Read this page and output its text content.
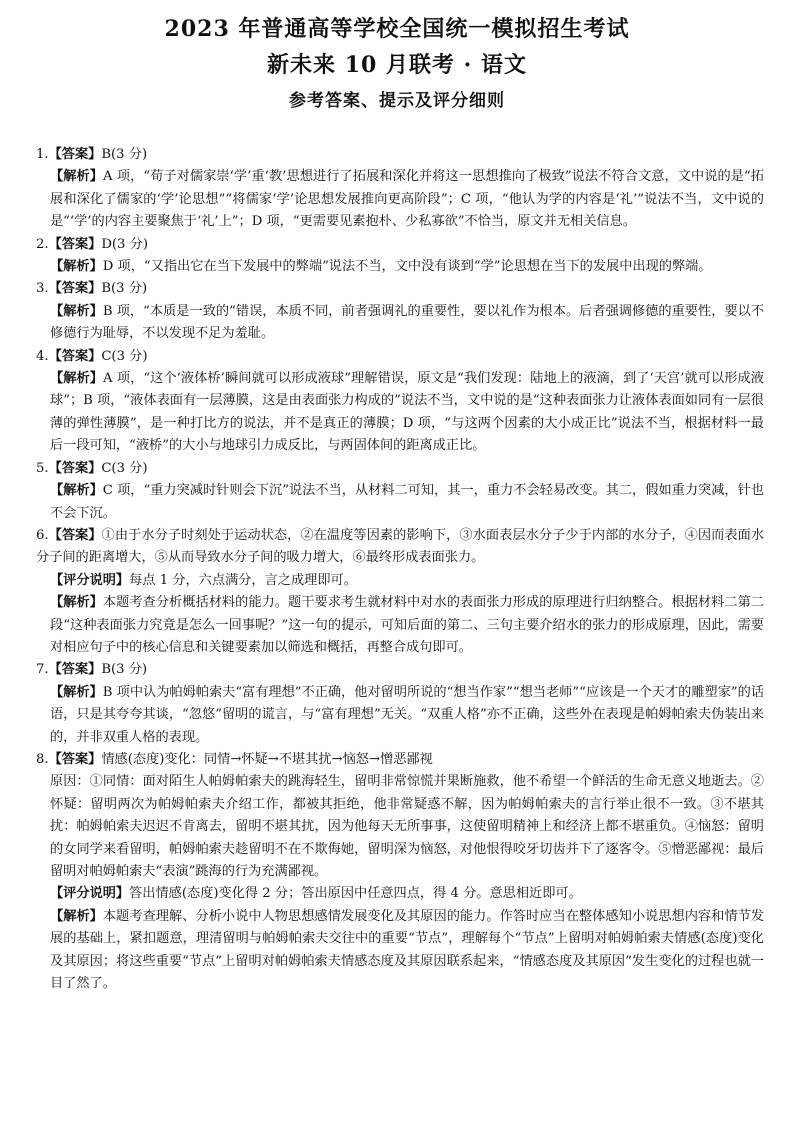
2023 年普通高等学校全国统一模拟招生考试
新未来 10 月联考 · 语文
参考答案、提示及评分细则

1.【答案】B(3 分)

【解析】A 项，“荀子对儒家崇‘学’重‘教’思想进行了拓展和深化并将这一思想推向了极致”说法不符合文意，文中说的是“拓展和深化了儒家的‘学’论思想”“将儒家‘学’论思想发展推向更高阶段”；C 项，“他认为学的内容是‘礼’”说法不当，文中说的是“‘学’的内容主要聚焦于‘礼’上”；D 项，“更需要见素抱朴、少私寡欲”不恰当，原文并无相关信息。

2.【答案】D(3 分)

【解析】D 项，“又指出它在当下发展中的弊端”说法不当，文中没有谈到“学”论思想在当下的发展中出现的弊端。

3.【答案】B(3 分)

【解析】B 项，“本质是一致的”错误，本质不同，前者强调礼的重要性，要以礼作为根本。后者强调修德的重要性，要以不修德行为耻辱，不以发现不足为羞耻。

4.【答案】C(3 分)

【解析】A 项，“这个‘液体桥’瞬间就可以形成液球”理解错误，原文是“我们发现：陆地上的液滴，到了‘天宫’就可以形成液球”；B 项，“液体表面有一层薄膜，这是由表面张力构成的”说法不当，文中说的是“这种表面张力让液体表面如同有一层很薄的弹性薄膜”，是一种打比方的说法，并不是真正的薄膜；D 项，“与这两个因素的大小成正比”说法不当，根据材料一最后一段可知，“液桥”的大小与地球引力成反比，与两固体间的距离成正比。

5.【答案】C(3 分)

【解析】C 项，“重力突减时针则会下沉”说法不当，从材料二可知，其一，重力不会轻易改变。其二，假如重力突减，针也不会下沉。

6.【答案】①由于水分子时刻处于运动状态，②在温度等因素的影响下，③水面表层水分子少于内部的水分子，④因而表面水分子间的距离增大，⑤从而导致水分子间的吸力增大，⑥最终形成表面张力。

【评分说明】每点 1 分，六点满分，言之成理即可。

【解析】本题考查分析概括材料的能力。题干要求考生就材料中对水的表面张力形成的原理进行归纳整合。根据材料二第二段“这种表面张力究竟是怎么一回事呢？”这一句的提示，可知后面的第二、三句主要介绍水的张力的形成原理，因此，需要对相应句子中的核心信息和关键要素加以筛选和概括，再整合成句即可。

7.【答案】B(3 分)

【解析】B 项中认为帕姆帕索夫“富有理想”不正确，他对留明所说的“想当作家”“想当老师”“应该是一个天才的雕塑家”的话语，只是其夸夸其谈，“忽悠”留明的谎言，与“富有理想”无关。“双重人格”亦不正确，这些外在表现是帕姆帕索夫伪装出来的，并非双重人格的表现。

8.【答案】情感(态度)变化：同情→怀疑→不堪其扰→恼怒→憎恶鄙视

原因：①同情：面对陌生人帕姆帕索夫的跳海轻生，留明非常惊慌并果断施救，他不希望一个鲜活的生命无意义地逝去。②怀疑：留明两次为帕姆帕索夫介绍工作，都被其拒绝，他非常疑惑不解，因为帕姆帕索夫的言行举止很不一致。③不堪其扰：帕姆帕索夫迟迟不肯离去，留明不堪其扰，因为他每天无所事事，这使留明精神上和经济上都不堪重负。④恼怒：留明的女同学来看留明，帕姆帕索夫趁留明不在不欺侮她，留明深为恼怒，对他恨得咬牙切齿并下了逐客令。⑤憎恶鄙视：最后留明对帕姆帕索夫“表演”跳海的行为充满鄙视。

【评分说明】答出情感(态度)变化得 2 分；答出原因中任意四点，得 4 分。意思相近即可。

【解析】本题考查理解、分析小说中人物思想感情发展变化及其原因的能力。作答时应当在整体感知小说思想内容和情节发展的基础上，紧扣题意，理清留明与帕姆帕索夫交往中的重要“节点”，理解每个“节点”上留明对帕姆帕索夫情感(态度)变化及其原因；将这些重要“节点”上留明对帕姆帕索夫情感态度及其原因联系起来，“情感态度及其原因”发生变化的过程也就一目了然了。
